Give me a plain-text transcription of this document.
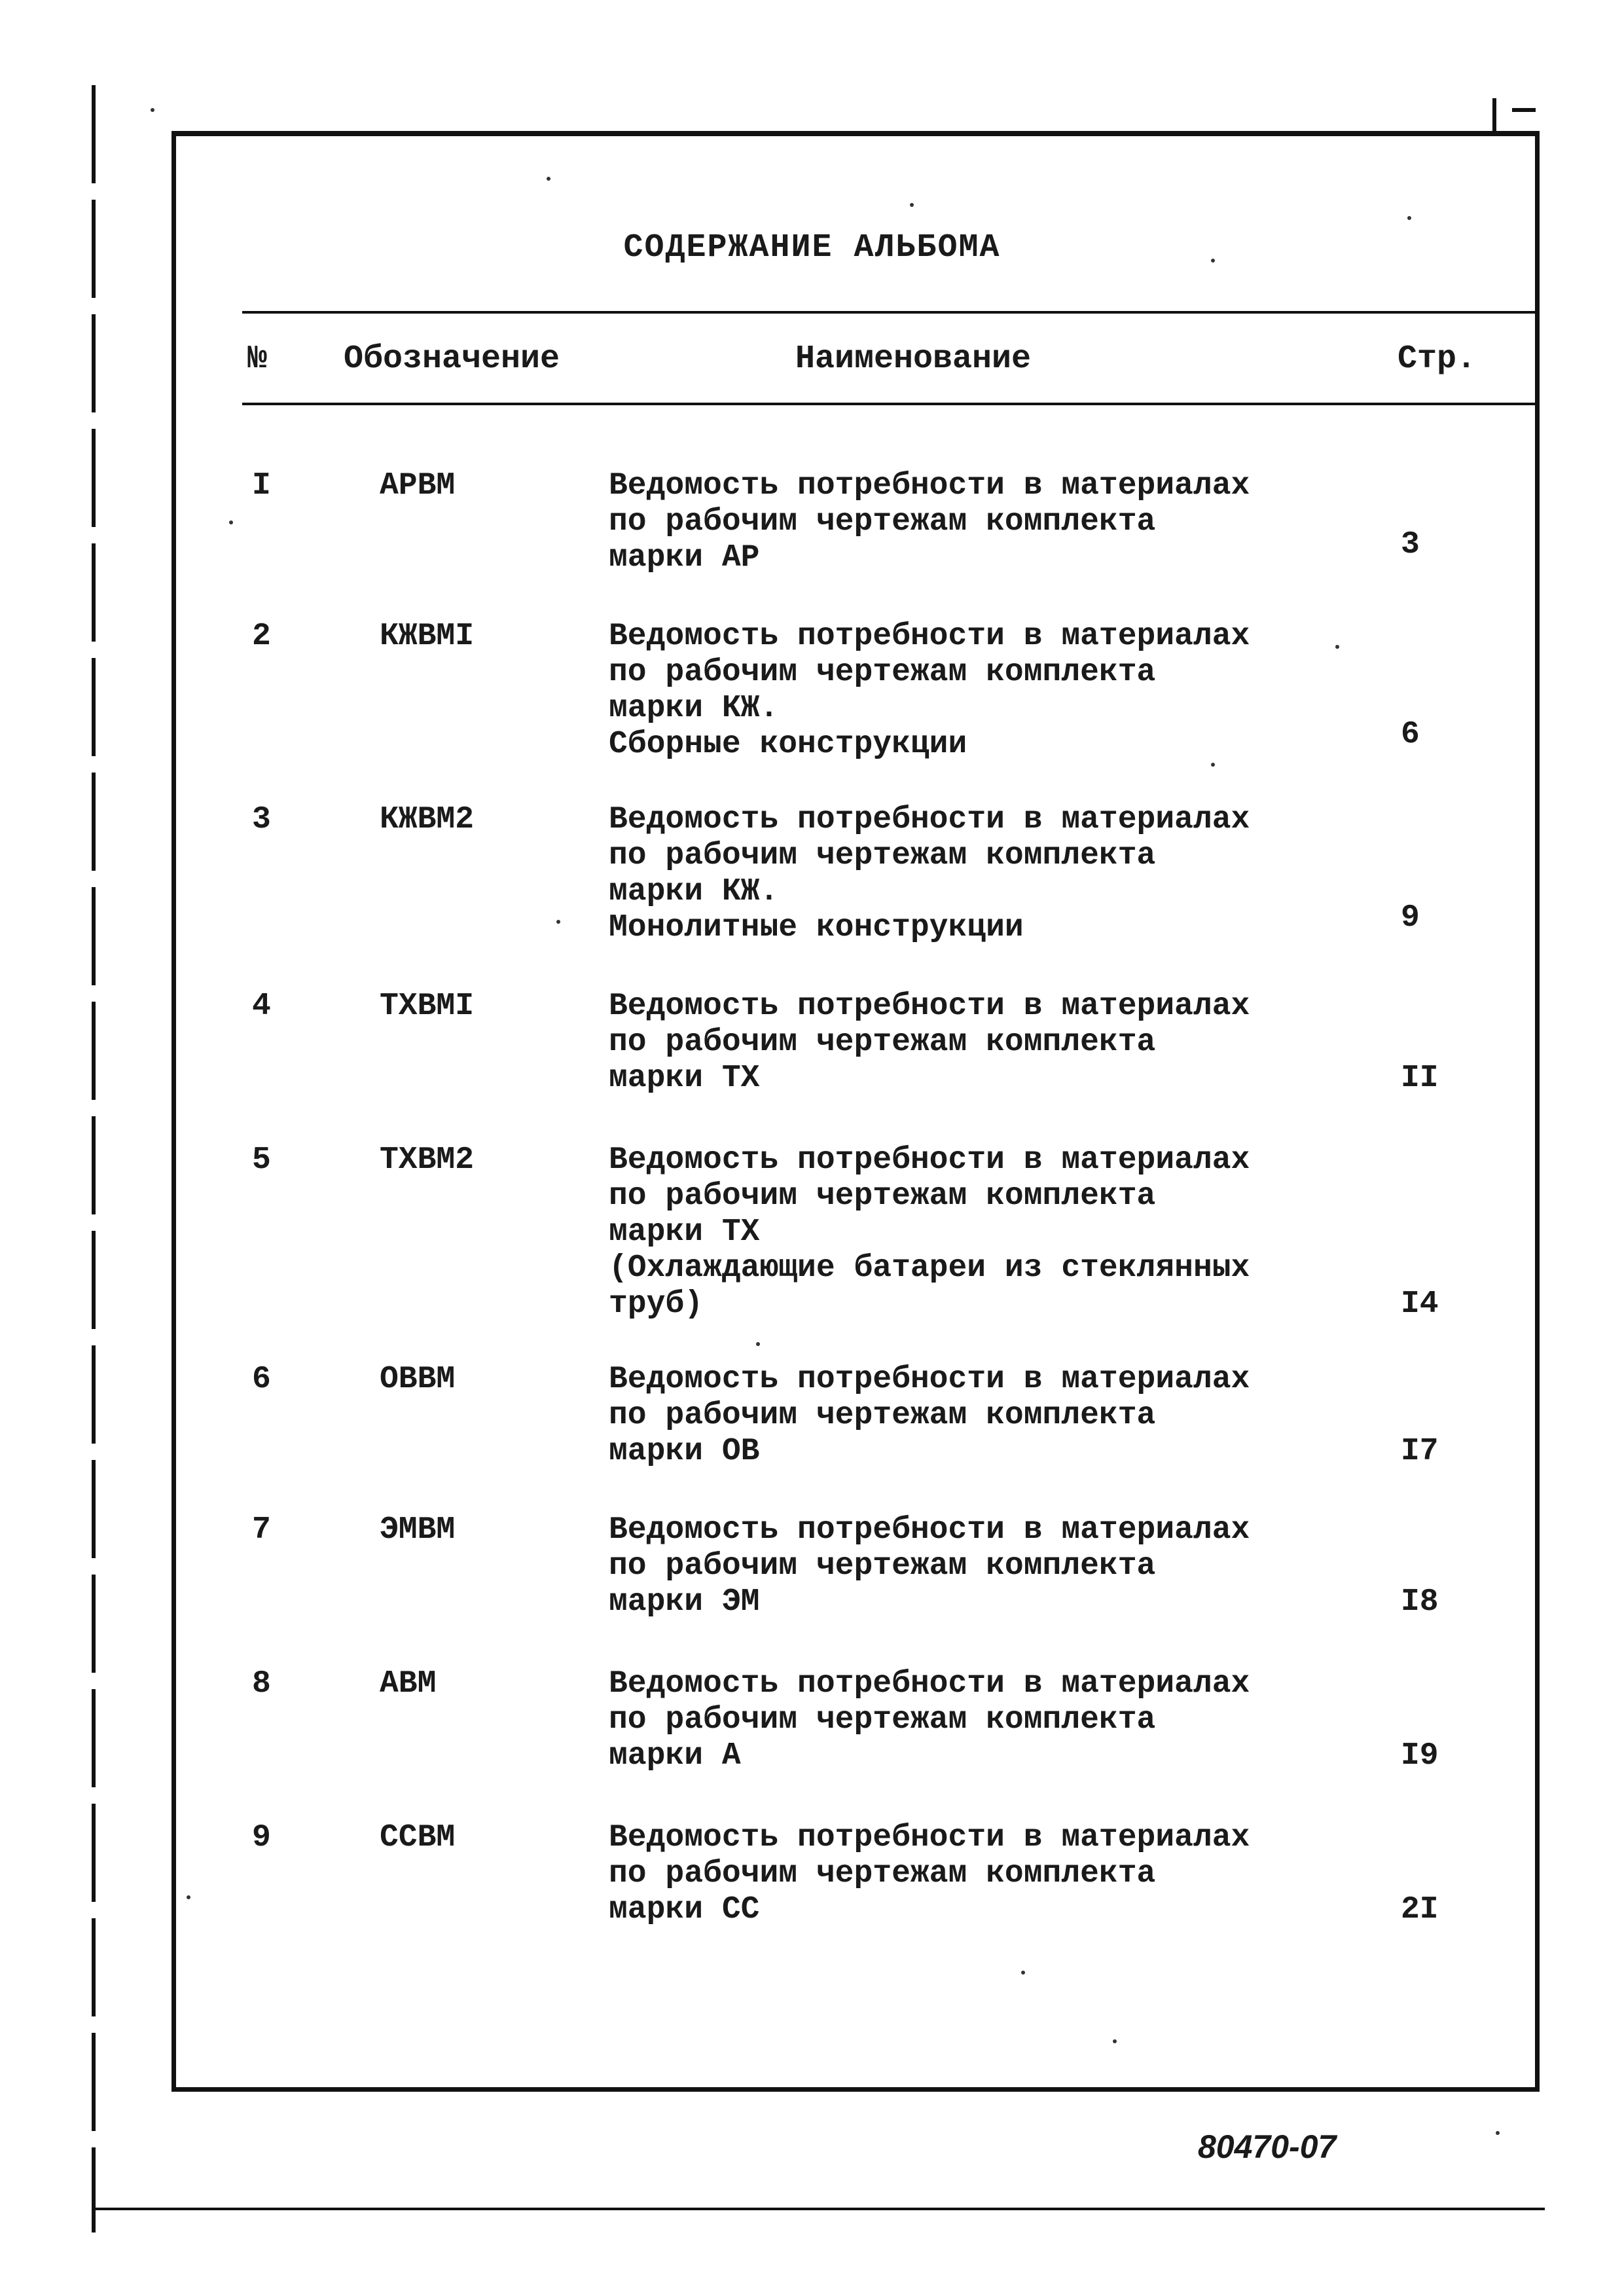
СОДЕРЖАНИЕ АЛЬБОМА
№ Обозначение	Наименование	Стр.
I	АРВМ	Ведомость потребности в материалах
по рабочим чертежам комплекта
марки АР	3
2	КЖВМI	Ведомость потребности в материалах
по рабочим чертежам комплекта
марки КЖ.
Сборные конструкции	6
3	КЖВМ2	Ведомость потребности в материалах
по рабочим чертежам комплекта
марки КЖ.
Монолитные конструкции	9
4	ТХВМI	Ведомость потребности в материалах
по рабочим чертежам комплекта
марки ТХ	II
5	ТХВМ2	Ведомость потребности в материалах
по рабочим чертежам комплекта
марки ТХ
(Охлаждающие батареи из стеклянных
труб)	I4
6	ОВВМ	Ведомость потребности в материалах
по рабочим чертежам комплекта
марки ОВ	I7
7	ЭМВМ	Ведомость потребности в материалах
по рабочим чертежам комплекта
марки ЭМ	I8
8	АВМ	Ведомость потребности в материалах
по рабочим чертежам комплекта
марки А	I9
9	ССВМ	Ведомость потребности в материалах
по рабочим чертежам комплекта
марки СС	2I
80470-07
